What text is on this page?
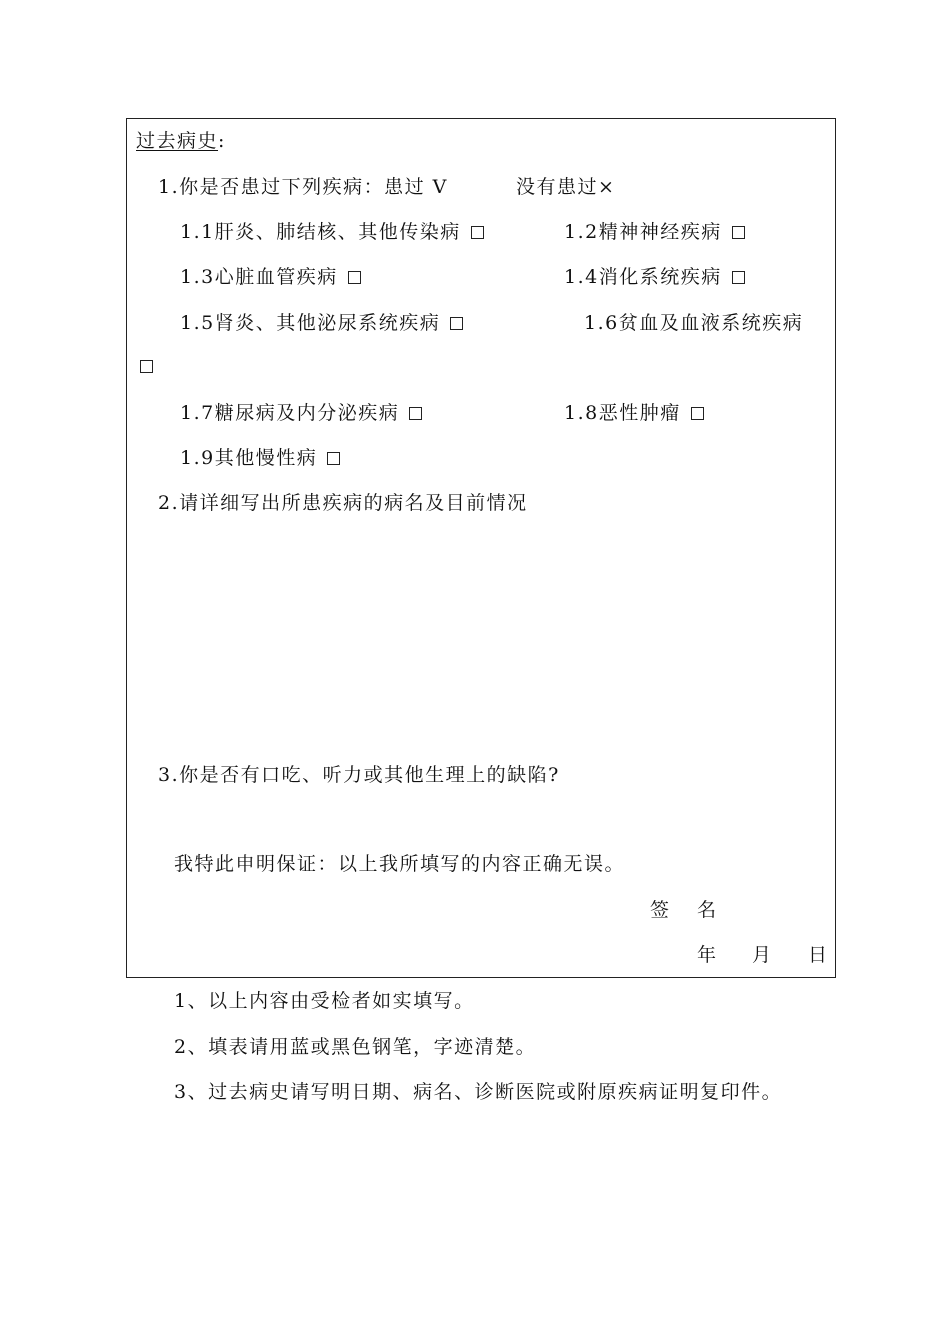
过去病史:
1.你是否患过下列疾病：患过 V	没有患过×
1.1肝炎、肺结核、其他传染病	1.2精神神经疾病
1.3心脏血管疾病	1.4消化系统疾病
1.5肾炎、其他泌尿系统疾病	1.6贫血及血液系统疾病
1.7糖尿病及内分泌疾病	1.8恶性肿瘤
1.9其他慢性病
2.请详细写出所患疾病的病名及目前情况
3.你是否有口吃、听力或其他生理上的缺陷?
我特此申明保证：以上我所填写的内容正确无误。
签 名
年 月 日
1、以上内容由受检者如实填写。
2、填表请用蓝或黑色钢笔，字迹清楚。
3、过去病史请写明日期、病名、诊断医院或附原疾病证明复印件。
